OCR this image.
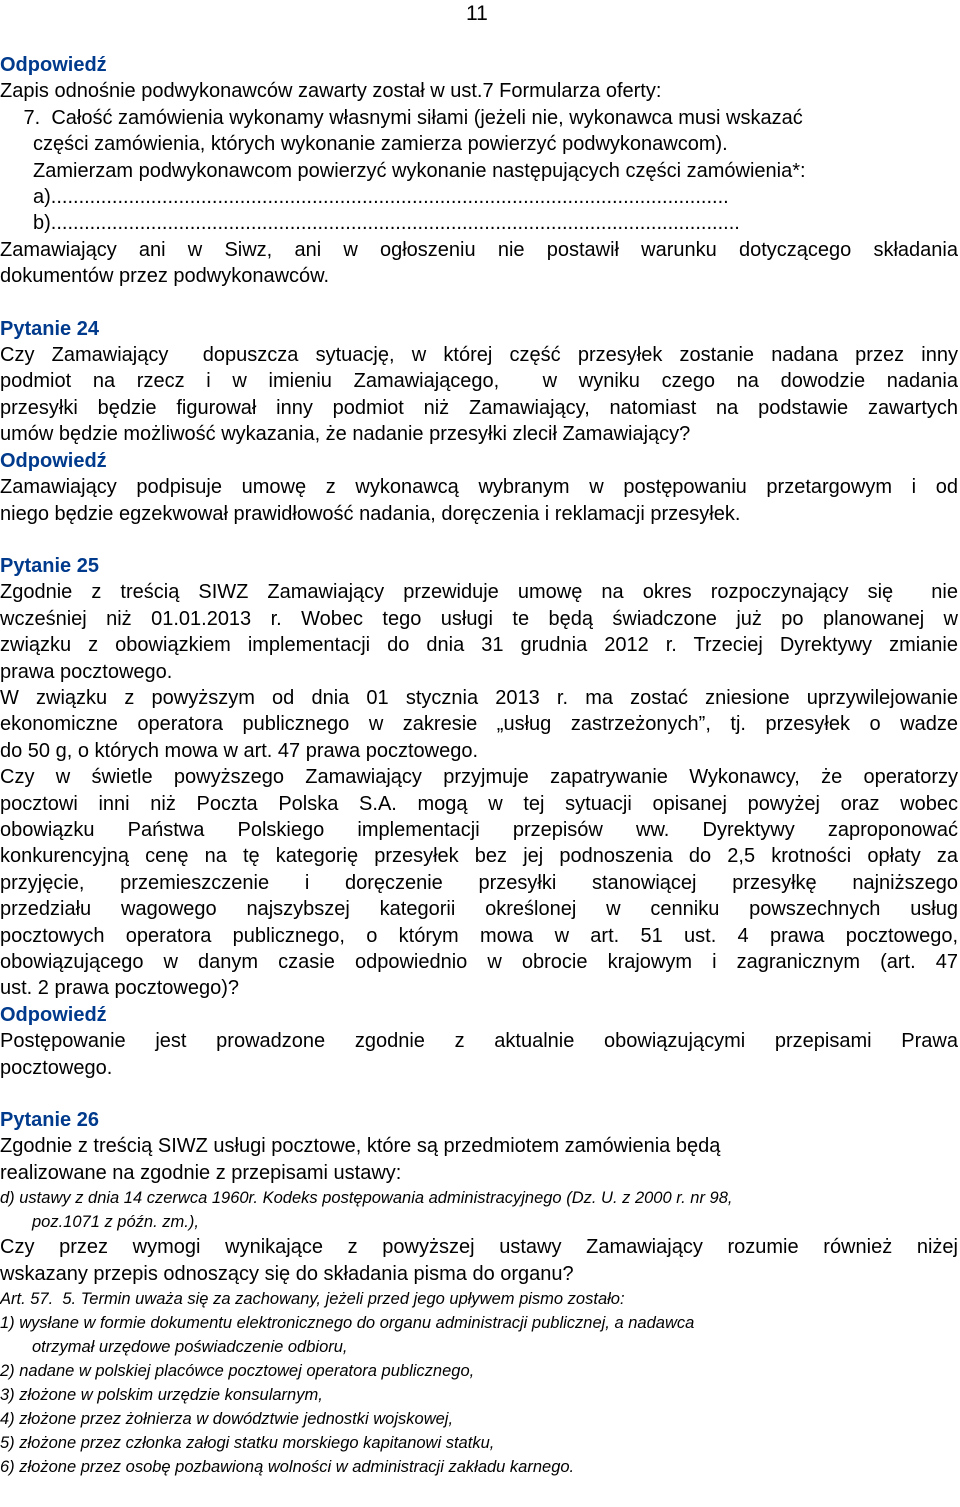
11

Odpowiedź

Zapis odnośnie podwykonawców zawarty został w ust.7 Formularza oferty:

7.  Całość zamówienia wykonamy własnymi siłami (jeżeli nie, wykonawca musi wskazać

części zamówienia, których wykonanie zamierza powierzyć podwykonawcom).

Zamierzam podwykonawcom powierzyć wykonanie następujących części zamówienia*:

a)..........................................................................................................................

b)............................................................................................................................

Zamawiający ani w Siwz, ani w ogłoszeniu nie postawił warunku dotyczącego składania

dokumentów przez podwykonawców.

Pytanie 24

Czy Zamawiający  dopuszcza sytuację, w której część przesyłek zostanie nadana przez inny

podmiot na rzecz i w imieniu Zamawiającego,  w wyniku czego na dowodzie nadania

przesyłki będzie figurował inny podmiot niż Zamawiający, natomiast na podstawie zawartych

umów będzie możliwość wykazania, że nadanie przesyłki zlecił Zamawiający?

Odpowiedź

Zamawiający podpisuje umowę z wykonawcą wybranym w postępowaniu przetargowym i od

niego będzie egzekwował prawidłowość nadania, doręczenia i reklamacji przesyłek.

Pytanie 25

Zgodnie z treścią SIWZ Zamawiający przewiduje umowę na okres rozpoczynający się  nie

wcześniej niż 01.01.2013 r. Wobec tego usługi te będą świadczone już po planowanej w

związku z obowiązkiem implementacji do dnia 31 grudnia 2012 r. Trzeciej Dyrektywy zmianie

prawa pocztowego.

W związku z powyższym od dnia 01 stycznia 2013 r. ma zostać zniesione uprzywilejowanie

ekonomiczne operatora publicznego w zakresie „usług zastrzeżonych”, tj. przesyłek o wadze

do 50 g, o których mowa w art. 47 prawa pocztowego.

Czy w świetle powyższego Zamawiający przyjmuje zapatrywanie Wykonawcy, że operatorzy

pocztowi inni niż Poczta Polska S.A. mogą w tej sytuacji opisanej powyżej oraz wobec

obowiązku Państwa Polskiego implementacji przepisów ww. Dyrektywy zaproponować

konkurencyjną cenę na tę kategorię przesyłek bez jej podnoszenia do 2,5 krotności opłaty za

przyjęcie, przemieszczenie i doręczenie przesyłki stanowiącej przesyłkę najniższego

przedziału wagowego najszybszej kategorii określonej w cenniku powszechnych usług

pocztowych operatora publicznego, o którym mowa w art. 51 ust. 4 prawa pocztowego,

obowiązującego w danym czasie odpowiednio w obrocie krajowym i zagranicznym (art. 47

ust. 2 prawa pocztowego)?

Odpowiedź

Postępowanie jest prowadzone zgodnie z aktualnie obowiązującymi przepisami Prawa

pocztowego.

Pytanie 26

Zgodnie z treścią SIWZ usługi pocztowe, które są przedmiotem zamówienia będą

realizowane na zgodnie z przepisami ustawy:

d) ustawy z dnia 14 czerwca 1960r. Kodeks postępowania administracyjnego (Dz. U. z 2000 r. nr 98,

poz.1071 z późn. zm.),

Czy przez wymogi wynikające z powyższej ustawy Zamawiający rozumie również niżej

wskazany przepis odnoszący się do składania pisma do organu?

Art. 57.  5. Termin uważa się za zachowany, jeżeli przed jego upływem pismo zostało:

1) wysłane w formie dokumentu elektronicznego do organu administracji publicznej, a nadawca

otrzymał urzędowe poświadczenie odbioru,

2) nadane w polskiej placówce pocztowej operatora publicznego,

3) złożone w polskim urzędzie konsularnym,

4) złożone przez żołnierza w dowództwie jednostki wojskowej,

5) złożone przez członka załogi statku morskiego kapitanowi statku,

6) złożone przez osobę pozbawioną wolności w administracji zakładu karnego.
